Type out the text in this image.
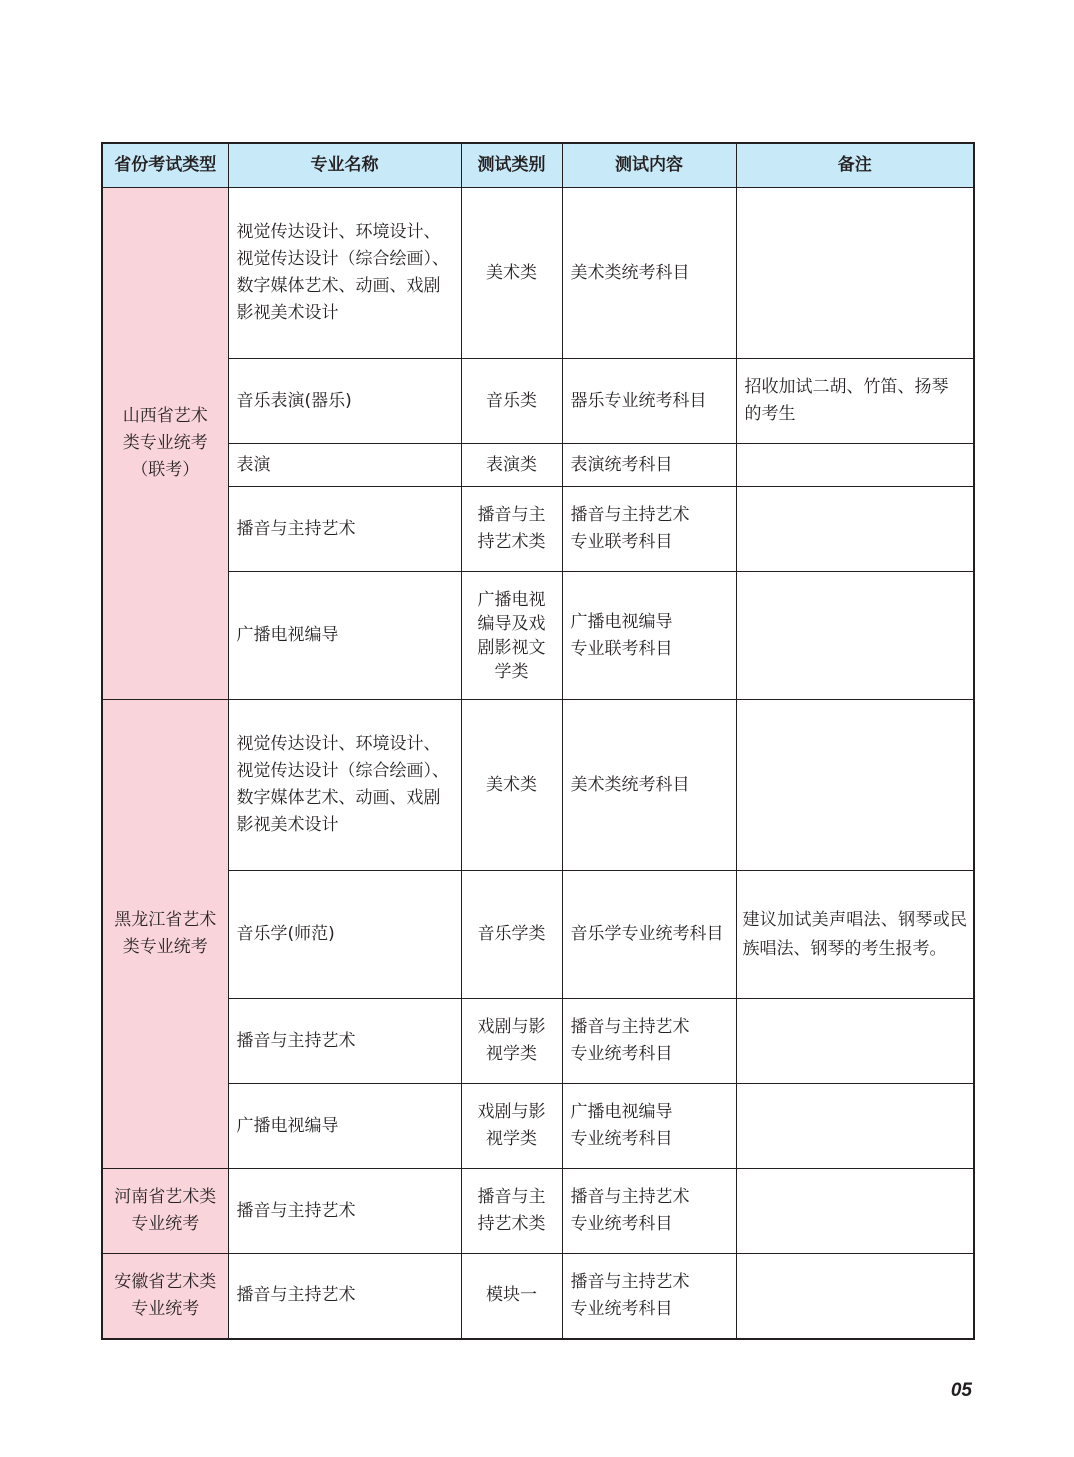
省份考试类型	专业名称	测试类别	测试内容	备注
山西省艺术类专业统考（联考）	视觉传达设计、环境设计、视觉传达设计（综合绘画）、数字媒体艺术、动画、戏剧影视美术设计	美术类	美术类统考科目	
	音乐表演(器乐)	音乐类	器乐专业统考科目	招收加试二胡、竹笛、扬琴的考生
	表演	表演类	表演统考科目	
	播音与主持艺术	播音与主持艺术类	播音与主持艺术专业联考科目	
	广播电视编导	广播电视编导及戏剧影视文学类	广播电视编导专业联考科目	
黑龙江省艺术类专业统考	视觉传达设计、环境设计、视觉传达设计（综合绘画）、数字媒体艺术、动画、戏剧影视美术设计	美术类	美术类统考科目	
	音乐学(师范)	音乐学类	音乐学专业统考科目	建议加试美声唱法、钢琴或民族唱法、钢琴的考生报考。
	播音与主持艺术	戏剧与影视学类	播音与主持艺术专业统考科目	
	广播电视编导	戏剧与影视学类	广播电视编导专业统考科目	
河南省艺术类专业统考	播音与主持艺术	播音与主持艺术类	播音与主持艺术专业统考科目	
安徽省艺术类专业统考	播音与主持艺术	模块一	播音与主持艺术专业统考科目	
05
